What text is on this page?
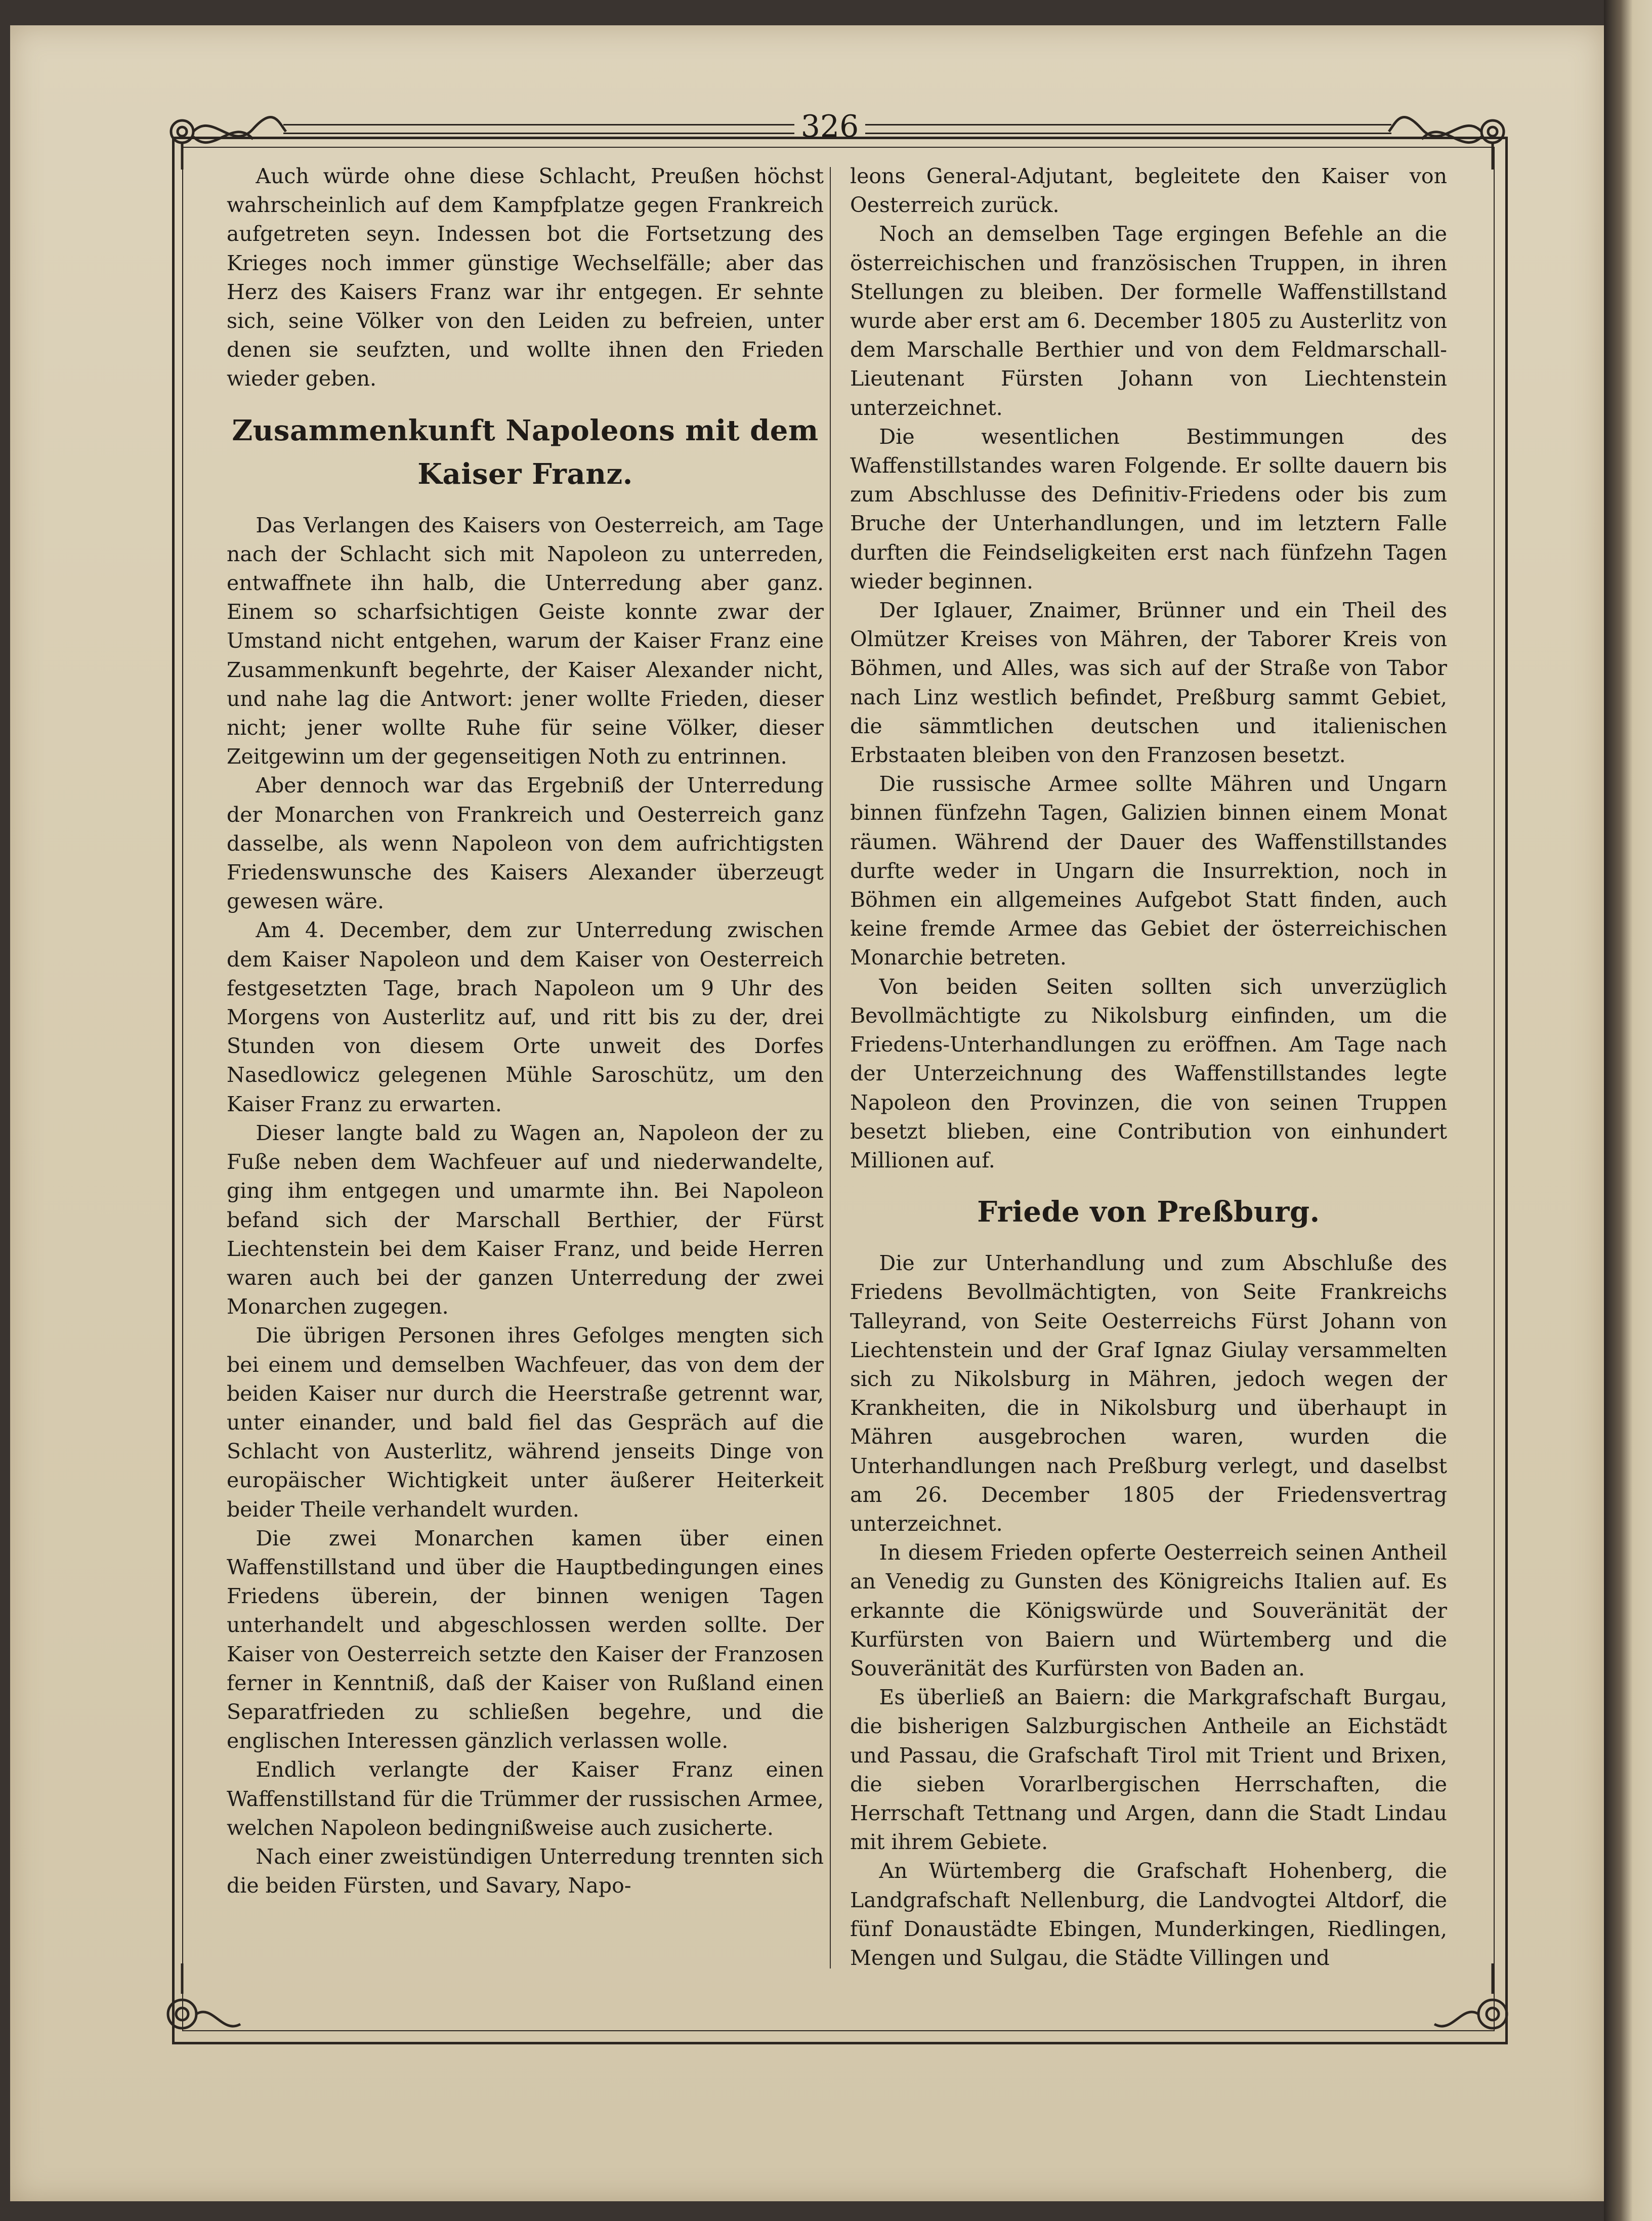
326

Auch würde ohne diese Schlacht, Preußen höchst wahrscheinlich auf dem Kampfplatze gegen Frankreich aufgetreten seyn. Indessen bot die Fortsetzung des Krieges noch immer günstige Wechselfälle; aber das Herz des Kaisers Franz war ihr entgegen. Er sehnte sich, seine Völker von den Leiden zu befreien, unter denen sie seufzten, und wollte ihnen den Frieden wieder geben.

Zusammenkunft Napoleons mit dem Kaiser Franz.

Das Verlangen des Kaisers von Oesterreich, am Tage nach der Schlacht sich mit Napoleon zu unterreden, entwaffnete ihn halb, die Unterredung aber ganz. Einem so scharfsichtigen Geiste konnte zwar der Umstand nicht entgehen, warum der Kaiser Franz eine Zusammenkunft begehrte, der Kaiser Alexander nicht, und nahe lag die Antwort: jener wollte Frieden, dieser nicht; jener wollte Ruhe für seine Völker, dieser Zeitgewinn um der gegenseitigen Noth zu entrinnen.

Aber dennoch war das Ergebniß der Unterredung der Monarchen von Frankreich und Oesterreich ganz dasselbe, als wenn Napoleon von dem aufrichtigsten Friedenswunsche des Kaisers Alexander überzeugt gewesen wäre.

Am 4. December, dem zur Unterredung zwischen dem Kaiser Napoleon und dem Kaiser von Oesterreich festgesetzten Tage, brach Napoleon um 9 Uhr des Morgens von Austerlitz auf, und ritt bis zu der, drei Stunden von diesem Orte unweit des Dorfes Nasedlowicz gelegenen Mühle Saroschütz, um den Kaiser Franz zu erwarten.

Dieser langte bald zu Wagen an, Napoleon der zu Fuße neben dem Wachfeuer auf und niederwandelte, ging ihm entgegen und umarmte ihn. Bei Napoleon befand sich der Marschall Berthier, der Fürst Liechtenstein bei dem Kaiser Franz, und beide Herren waren auch bei der ganzen Unterredung der zwei Monarchen zugegen.

Die übrigen Personen ihres Gefolges mengten sich bei einem und demselben Wachfeuer, das von dem der beiden Kaiser nur durch die Heerstraße getrennt war, unter einander, und bald fiel das Gespräch auf die Schlacht von Austerlitz, während jenseits Dinge von europäischer Wichtigkeit unter äußerer Heiterkeit beider Theile verhandelt wurden.

Die zwei Monarchen kamen über einen Waffenstillstand und über die Hauptbedingungen eines Friedens überein, der binnen wenigen Tagen unterhandelt und abgeschlossen werden sollte. Der Kaiser von Oesterreich setzte den Kaiser der Franzosen ferner in Kenntniß, daß der Kaiser von Rußland einen Separatfrieden zu schließen begehre, und die englischen Interessen gänzlich verlassen wolle.

Endlich verlangte der Kaiser Franz einen Waffenstillstand für die Trümmer der russischen Armee, welchen Napoleon bedingnißweise auch zusicherte.

Nach einer zweistündigen Unterredung trennten sich die beiden Fürsten, und Savary, Napo-

leons General-Adjutant, begleitete den Kaiser von Oesterreich zurück.

Noch an demselben Tage ergingen Befehle an die österreichischen und französischen Truppen, in ihren Stellungen zu bleiben. Der formelle Waffenstillstand wurde aber erst am 6. December 1805 zu Austerlitz von dem Marschalle Berthier und von dem Feldmarschall-Lieutenant Fürsten Johann von Liechtenstein unterzeichnet.

Die wesentlichen Bestimmungen des Waffenstillstandes waren Folgende. Er sollte dauern bis zum Abschlusse des Definitiv-Friedens oder bis zum Bruche der Unterhandlungen, und im letztern Falle durften die Feindseligkeiten erst nach fünfzehn Tagen wieder beginnen.

Der Iglauer, Znaimer, Brünner und ein Theil des Olmützer Kreises von Mähren, der Taborer Kreis von Böhmen, und Alles, was sich auf der Straße von Tabor nach Linz westlich befindet, Preßburg sammt Gebiet, die sämmtlichen deutschen und italienischen Erbstaaten bleiben von den Franzosen besetzt.

Die russische Armee sollte Mähren und Ungarn binnen fünfzehn Tagen, Galizien binnen einem Monat räumen. Während der Dauer des Waffenstillstandes durfte weder in Ungarn die Insurrektion, noch in Böhmen ein allgemeines Aufgebot Statt finden, auch keine fremde Armee das Gebiet der österreichischen Monarchie betreten.

Von beiden Seiten sollten sich unverzüglich Bevollmächtigte zu Nikolsburg einfinden, um die Friedens-Unterhandlungen zu eröffnen. Am Tage nach der Unterzeichnung des Waffenstillstandes legte Napoleon den Provinzen, die von seinen Truppen besetzt blieben, eine Contribution von einhundert Millionen auf.

Friede von Preßburg.

Die zur Unterhandlung und zum Abschluße des Friedens Bevollmächtigten, von Seite Frankreichs Talleyrand, von Seite Oesterreichs Fürst Johann von Liechtenstein und der Graf Ignaz Giulay versammelten sich zu Nikolsburg in Mähren, jedoch wegen der Krankheiten, die in Nikolsburg und überhaupt in Mähren ausgebrochen waren, wurden die Unterhandlungen nach Preßburg verlegt, und daselbst am 26. December 1805 der Friedensvertrag unterzeichnet.

In diesem Frieden opferte Oesterreich seinen Antheil an Venedig zu Gunsten des Königreichs Italien auf. Es erkannte die Königswürde und Souveränität der Kurfürsten von Baiern und Würtemberg und die Souveränität des Kurfürsten von Baden an.

Es überließ an Baiern: die Markgrafschaft Burgau, die bisherigen Salzburgischen Antheile an Eichstädt und Passau, die Grafschaft Tirol mit Trient und Brixen, die sieben Vorarlbergischen Herrschaften, die Herrschaft Tettnang und Argen, dann die Stadt Lindau mit ihrem Gebiete.

An Würtemberg die Grafschaft Hohenberg, die Landgrafschaft Nellenburg, die Landvogtei Altdorf, die fünf Donaustädte Ebingen, Munderkingen, Riedlingen, Mengen und Sulgau, die Städte Villingen und
